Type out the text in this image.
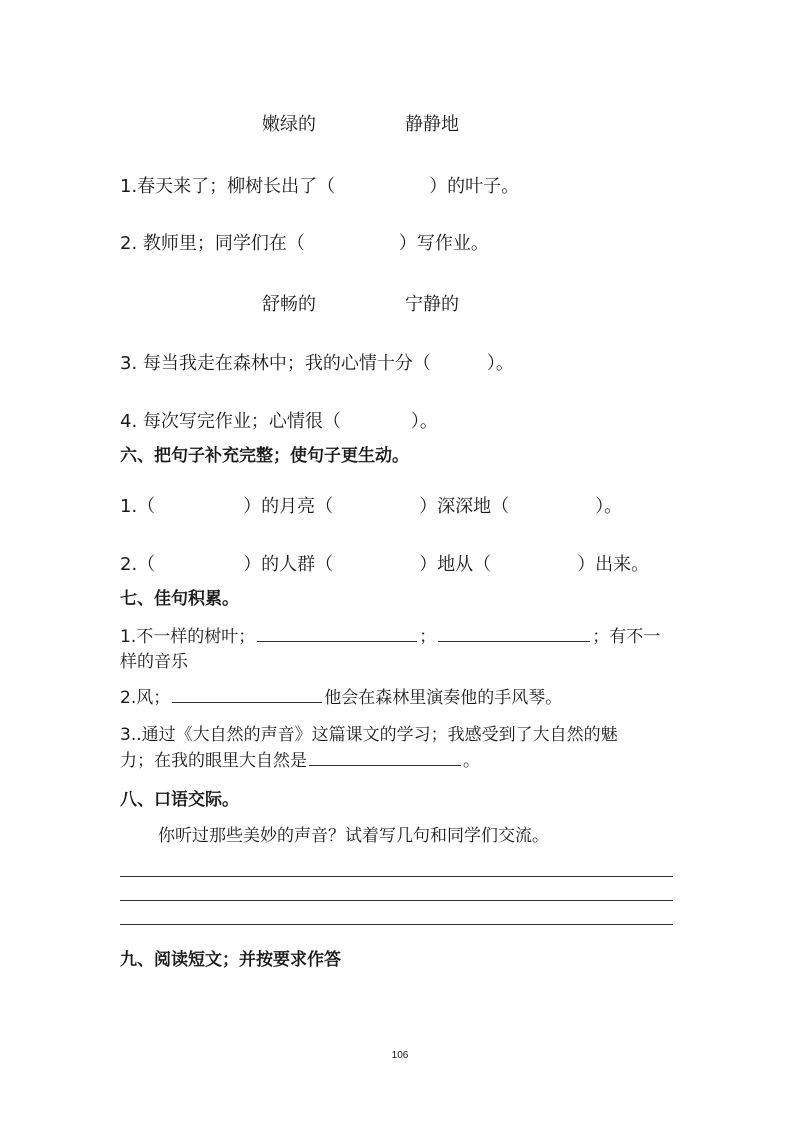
嫩绿的	静静地
1.春天来了；柳树长出了（	）的叶子。
2. 教师里；同学们在（	）写作业。
舒畅的	宁静的
3. 每当我走在森林中；我的心情十分（	）。
4. 每次写完作业；心情很（	）。
六、把句子补充完整；使句子更生动。
1.（	）的月亮（	）深深地（	）。
2.（	）的人群（	）地从（	）出来。
七、佳句积累。
1.不一样的树叶；	；	；有不一
样的音乐
2.风；	他会在森林里演奏他的手风琴。
3..通过《大自然的声音》这篇课文的学习；我感受到了大自然的魅
力；在我的眼里大自然是	。
八、口语交际。
你听过那些美妙的声音？试着写几句和同学们交流。
九、阅读短文；并按要求作答
106
